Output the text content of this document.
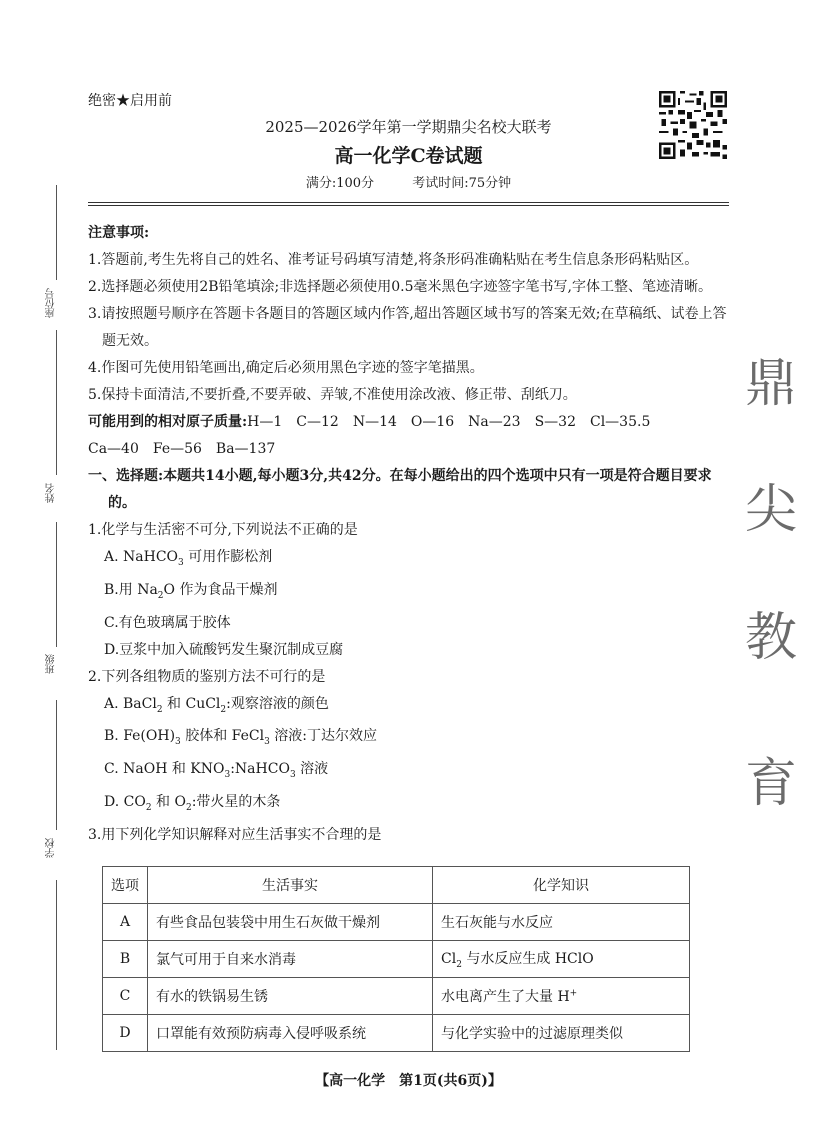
绝密★启用前
2025—2026学年第一学期鼎尖名校大联考
高一化学C卷试题
满分:100分	考试时间:75分钟
座位号
姓名
班级
学校
鼎
尖
教
育

注意事项:

1.答题前,考生先将自己的姓名、准考证号码填写清楚,将条形码准确粘贴在考生信息条形码粘贴区。

2.选择题必须使用2B铅笔填涂;非选择题必须使用0.5毫米黑色字迹签字笔书写,字体工整、笔迹清晰。

3.请按照题号顺序在答题卡各题目的答题区域内作答,超出答题区域书写的答案无效;在草稿纸、试卷上答题无效。

4.作图可先使用铅笔画出,确定后必须用黑色字迹的签字笔描黑。

5.保持卡面清洁,不要折叠,不要弄破、弄皱,不准使用涂改液、修正带、刮纸刀。

可能用到的相对原子质量:H—1　C—12　N—14　O—16　Na—23　S—32　Cl—35.5

Ca—40　Fe—56　Ba—137

一、选择题:本题共14小题,每小题3分,共42分。在每小题给出的四个选项中只有一项是符合题目要求的。

1.化学与生活密不可分,下列说法不正确的是

A. NaHCO$_3$ 可用作膨松剂

B.用 $Na_2O$ 作为食品干燥剂

C.有色玻璃属于胶体

D.豆浆中加入硫酸钙发生聚沉制成豆腐

2.下列各组物质的鉴别方法不可行的是

A. BaCl$_2$ 和 CuCl$_2$:观察溶液的颜色

B. $Fe(OH)_3$ 胶体和 FeCl$_3$ 溶液:丁达尔效应

C. NaOH 和 $KNO_3:NaHCO_3$ 溶液

D. $CO_2$ 和 $O_2$:带火星的木条

3.用下列化学知识解释对应生活事实不合理的是

选项	生活事实	化学知识
A	有些食品包装袋中用生石灰做干燥剂	生石灰能与水反应
B	氯气可用于自来水消毒	$Cl_2$ 与水反应生成 HClO
C	有水的铁锅易生锈	水电离产生了大量 H+
D	口罩能有效预防病毒入侵呼吸系统	与化学实验中的过滤原理类似
【高一化学　第1页(共6页)】
